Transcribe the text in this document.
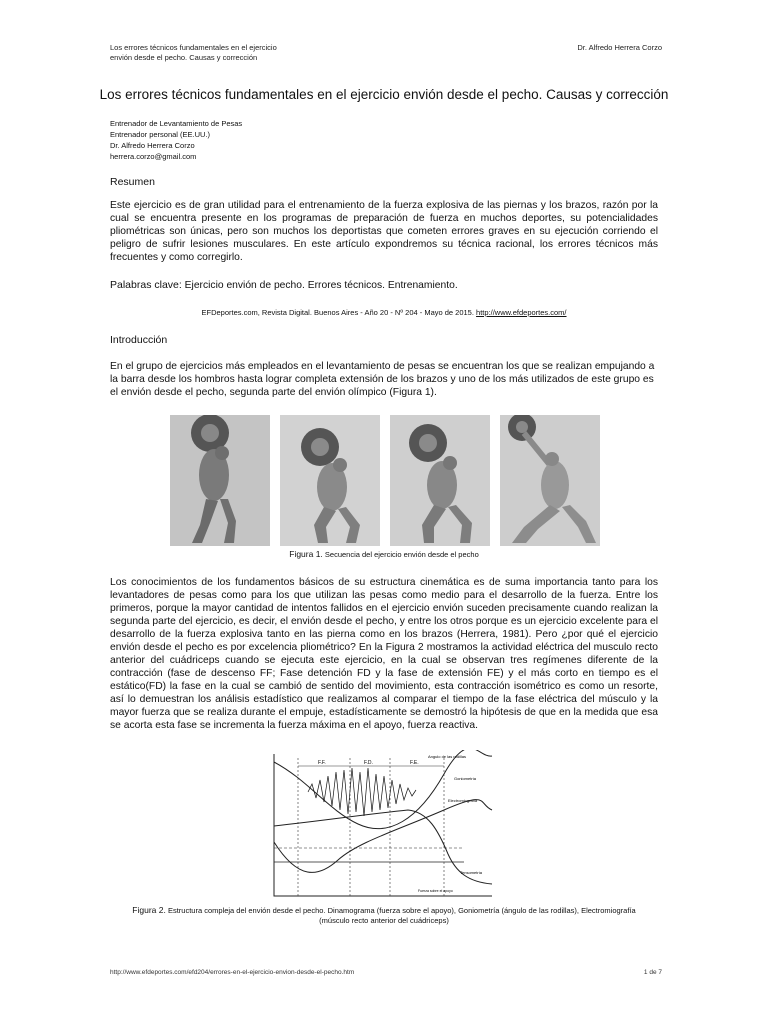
Los errores técnicos fundamentales en el ejercicio
envión desde el pecho. Causas y corrección
Dr. Alfredo Herrera Corzo
Los errores técnicos fundamentales en el ejercicio envión desde el pecho. Causas y corrección
Entrenador de Levantamiento de Pesas
Entrenador personal (EE.UU.)
Dr. Alfredo Herrera Corzo
herrera.corzo@gmail.com
Resumen
Este ejercicio es de gran utilidad para el entrenamiento de la fuerza explosiva de las piernas y los brazos, razón por la cual se encuentra presente en los programas de preparación de fuerza en muchos deportes, su potencialidades pliométricas son únicas, pero son muchos los deportistas que cometen errores graves en su ejecución corriendo el peligro de sufrir lesiones musculares. En este artículo expondremos su técnica racional, los errores técnicos más frecuentes y como corregirlo.
Palabras clave: Ejercicio envión de pecho. Errores técnicos. Entrenamiento.
EFDeportes.com, Revista Digital. Buenos Aires - Año 20 - Nº 204 - Mayo de 2015. http://www.efdeportes.com/
Introducción
En el grupo de ejercicios más empleados en el levantamiento de pesas se encuentran los que se realizan empujando a la barra desde los hombros hasta lograr completa extensión de los brazos y uno de los más utilizados de este grupo es el envión desde el pecho, segunda parte del envión olímpico (Figura 1).
Figura 1. Secuencia del ejercicio envión desde el pecho
Los conocimientos de los fundamentos básicos de su estructura cinemática es de suma importancia tanto para los levantadores de pesas como para los que utilizan las pesas como medio para el desarrollo de la fuerza. Entre los primeros, porque la mayor cantidad de intentos fallidos en el ejercicio envión suceden precisamente cuando realizan la segunda parte del ejercicio, es decir, el envión desde el pecho, y entre los otros porque es un ejercicio excelente para el desarrollo de la fuerza explosiva tanto en las pierna como en los brazos (Herrera, 1981). Pero ¿por qué el ejercicio envión desde el pecho es por excelencia pliométrico? En la Figura 2 mostramos la actividad eléctrica del musculo recto anterior del cuádriceps cuando se ejecuta este ejercicio, en la cual se observan tres regímenes diferente de la contracción (fase de descenso FF; Fase detención FD y la fase de extensión FE) y el más corto en tiempo es el estático(FD) la fase en la cual se cambió de sentido del movimiento, esta contracción isométrico es como un resorte, así lo demuestran los análisis estadístico que realizamos al comparar el tiempo de la fase eléctrica del músculo y la mayor fuerza que se realiza durante el empuje, estadísticamente se demostró la hipótesis de que en la medida que esa se acorta esta fase se incrementa la fuerza máxima en el apoyo, fuerza reactiva.
F.F.	F.D.	F.E.
Angulo de las rodillas
Goniometría
Electromiografía
Tensometría
Fuerza sobre el apoyo
Figura 2. Estructura compleja del envión desde el pecho. Dinamograma (fuerza sobre el apoyo), Goniometría (ángulo de las rodillas), Electromiografía
(músculo recto anterior del cuádriceps)
http://www.efdeportes.com/efd204/errores-en-el-ejercicio-envion-desde-el-pecho.htm	1 de 7
